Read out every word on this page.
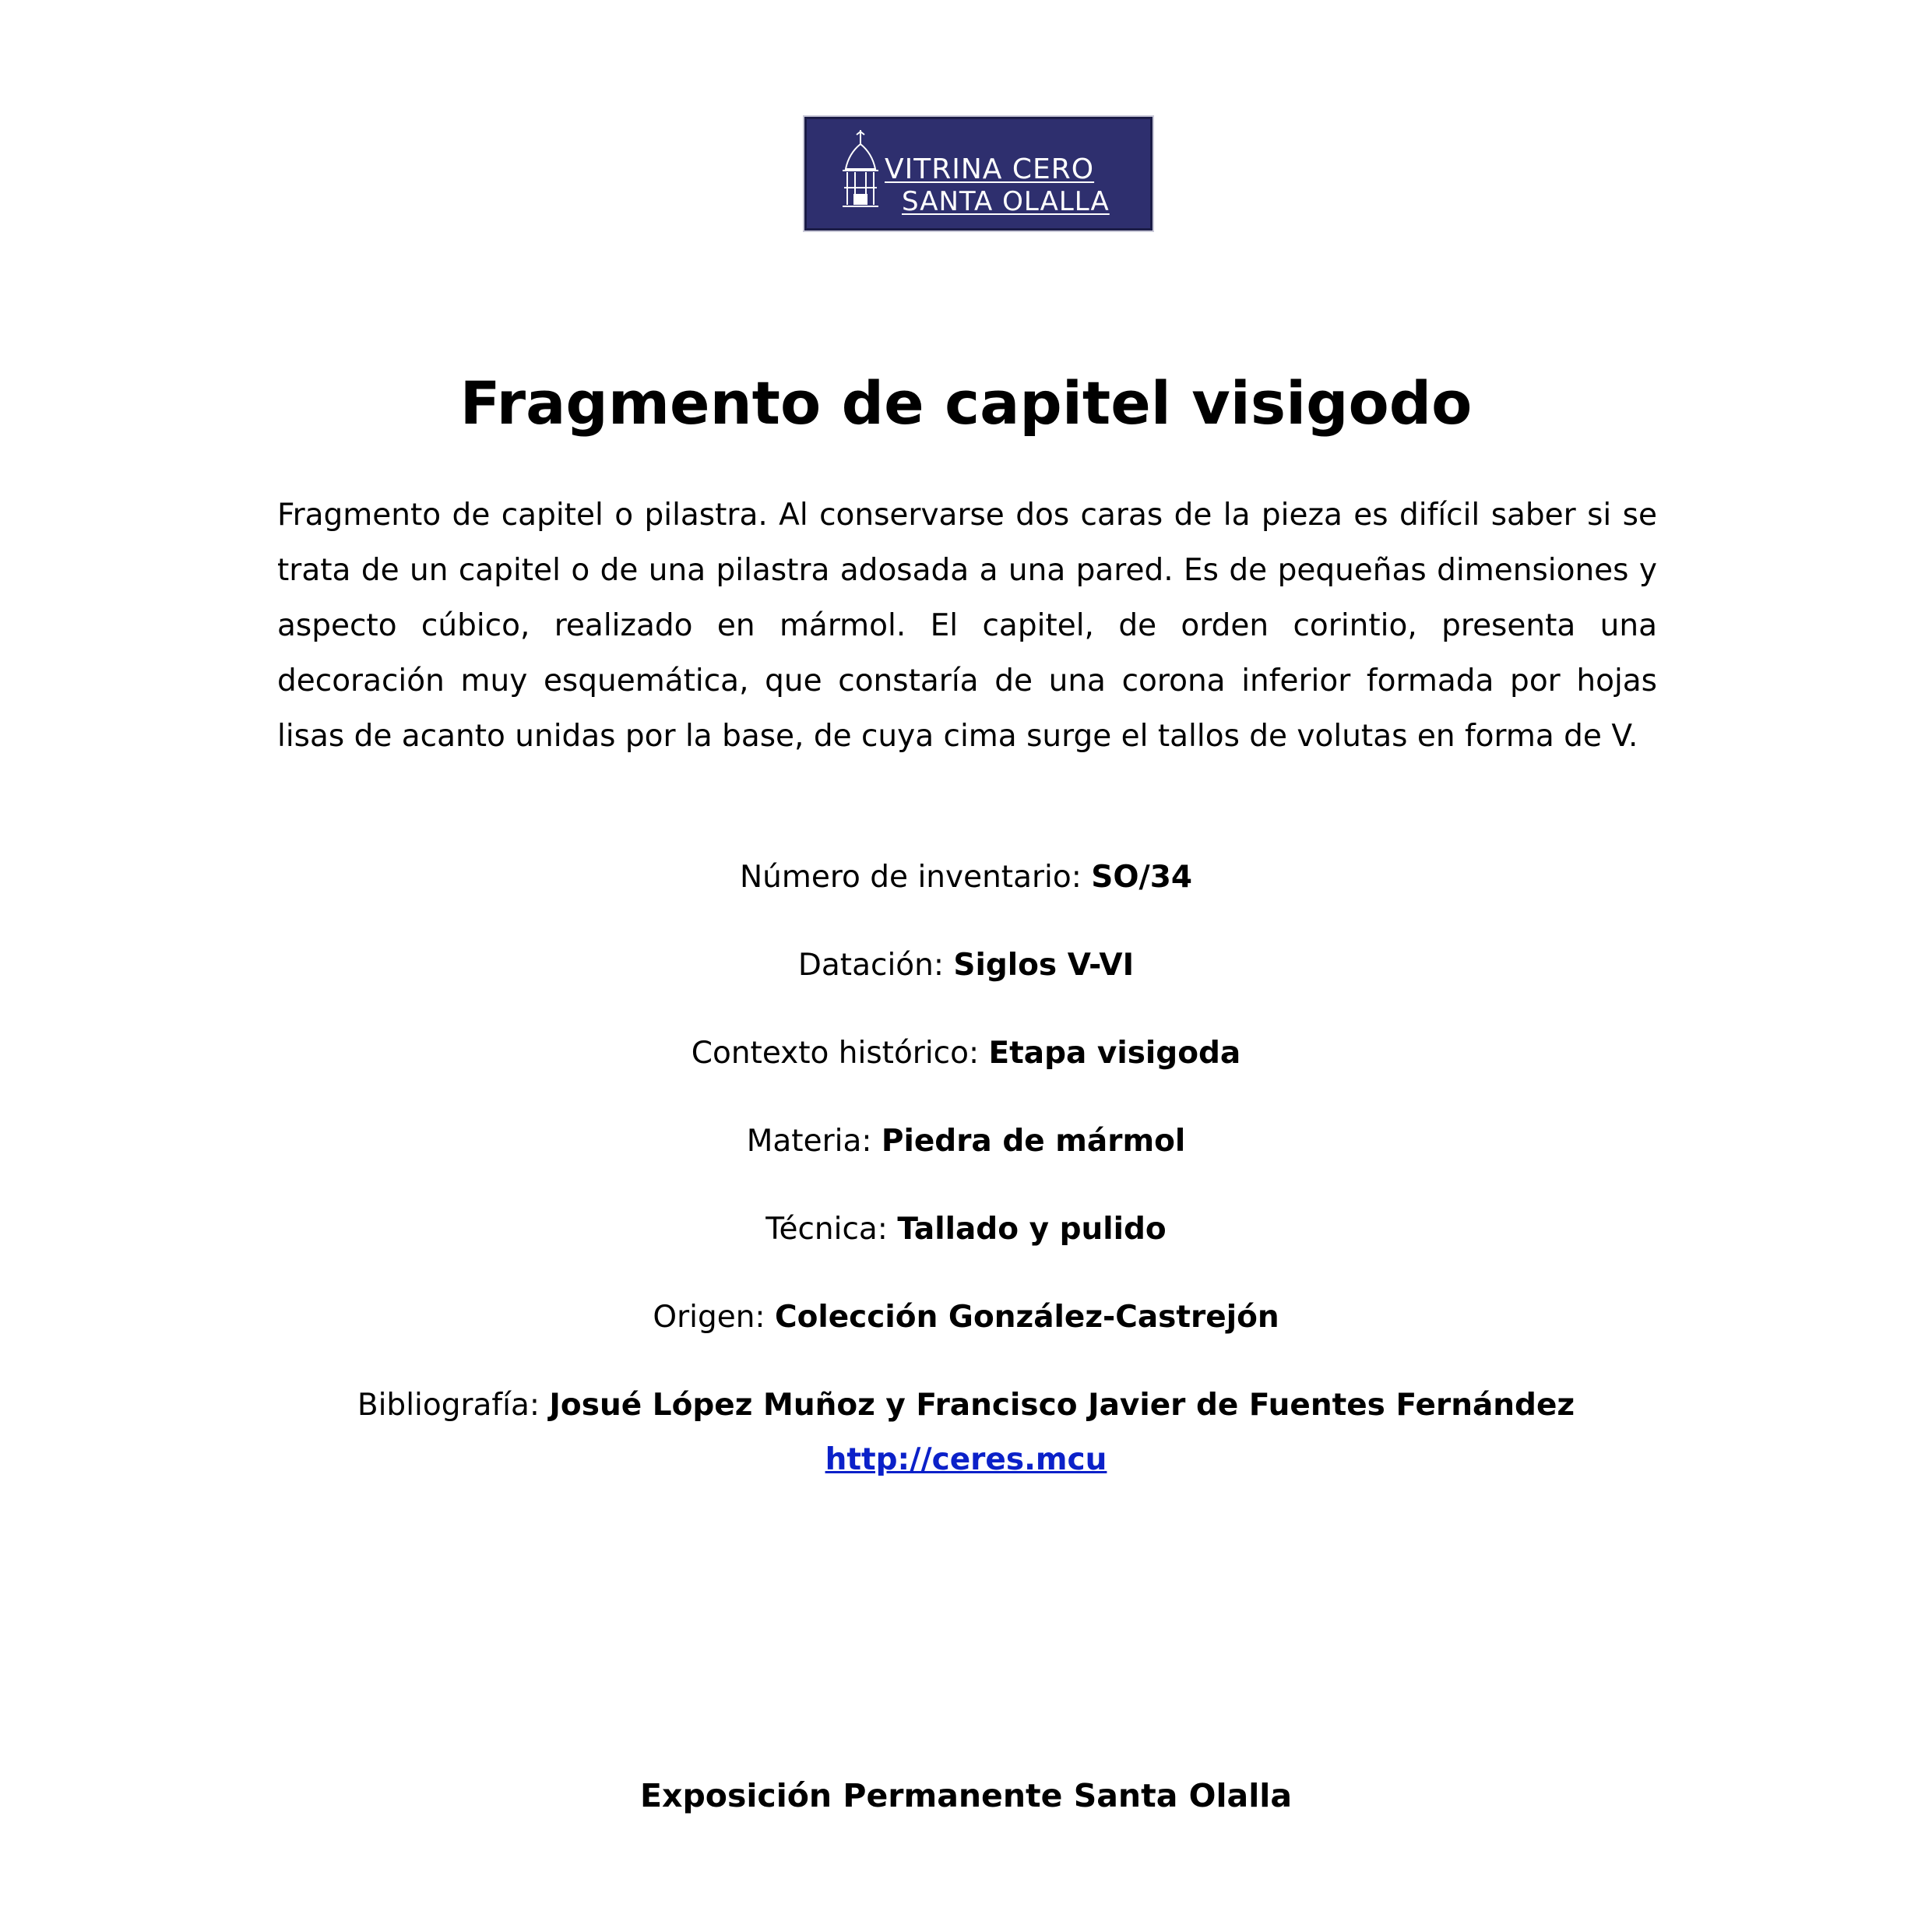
VITRINA CERO
SANTA OLALLA
Fragmento de capitel visigodo
Fragmento de capitel o pilastra. Al conservarse dos caras de la pieza es difícil saber si se trata de un capitel o de una pilastra adosada a una pared. Es de pequeñas dimensiones y aspecto cúbico, realizado en mármol. El capitel, de orden corintio, presenta una decoración muy esquemática, que constaría de una corona inferior formada por hojas lisas de acanto unidas por la base, de cuya cima surge el tallos de volutas en forma de V.
Número de inventario: SO/34
Datación: Siglos V-VI
Contexto histórico: Etapa visigoda
Materia: Piedra de mármol
Técnica: Tallado y pulido
Origen: Colección González-Castrejón
Bibliografía: Josué López Muñoz y Francisco Javier de Fuentes Fernández
http://ceres.mcu
Exposición Permanente Santa Olalla
